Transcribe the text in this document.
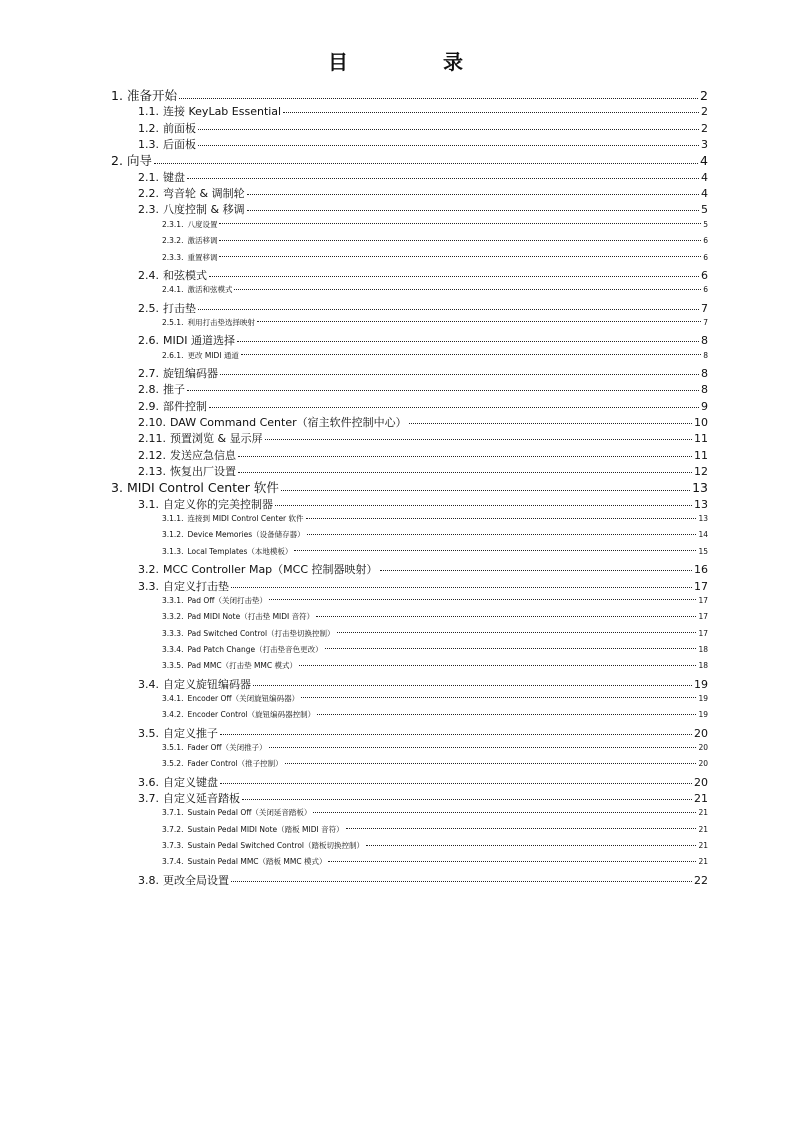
目 录
1. 准备开始	2
1.1. 连接 KeyLab Essential	2
1.2. 前面板	2
1.3. 后面板	3
2. 向导	4
2.1. 键盘	4
2.2. 弯音轮 & 调制轮	4
2.3. 八度控制 & 移调	5
2.3.1. 八度设置	5
2.3.2. 激活移调	6
2.3.3. 重置移调	6
2.4. 和弦模式	6
2.4.1. 激活和弦模式	6
2.5. 打击垫	7
2.5.1. 利用打击垫选择映射	7
2.6. MIDI 通道选择	8
2.6.1. 更改 MIDI 通道	8
2.7. 旋钮编码器	8
2.8. 推子	8
2.9. 部件控制	9
2.10. DAW Command Center（宿主软件控制中心）	10
2.11. 预置浏览 & 显示屏	11
2.12. 发送应急信息	11
2.13. 恢复出厂设置	12
3. MIDI Control Center 软件	13
3.1. 自定义你的完美控制器	13
3.1.1. 连接到 MIDI Control Center 软件	13
3.1.2. Device Memories（设备储存器）	14
3.1.3. Local Templates（本地模板）	15
3.2. MCC Controller Map（MCC 控制器映射）	16
3.3. 自定义打击垫	17
3.3.1. Pad Off（关闭打击垫）	17
3.3.2. Pad MIDI Note（打击垫 MIDI 音符）	17
3.3.3. Pad Switched Control（打击垫切换控制）	17
3.3.4. Pad Patch Change（打击垫音色更改）	18
3.3.5. Pad MMC（打击垫 MMC 模式）	18
3.4. 自定义旋钮编码器	19
3.4.1. Encoder Off（关闭旋钮编码器）	19
3.4.2. Encoder Control（旋钮编码器控制）	19
3.5. 自定义推子	20
3.5.1. Fader Off（关闭推子）	20
3.5.2. Fader Control（推子控制）	20
3.6. 自定义键盘	20
3.7. 自定义延音踏板	21
3.7.1. Sustain Pedal Off（关闭延音踏板）	21
3.7.2. Sustain Pedal MIDI Note（踏板 MIDI 音符）	21
3.7.3. Sustain Pedal Switched Control（踏板切换控制）	21
3.7.4. Sustain Pedal MMC（踏板 MMC 模式）	21
3.8. 更改全局设置	22
